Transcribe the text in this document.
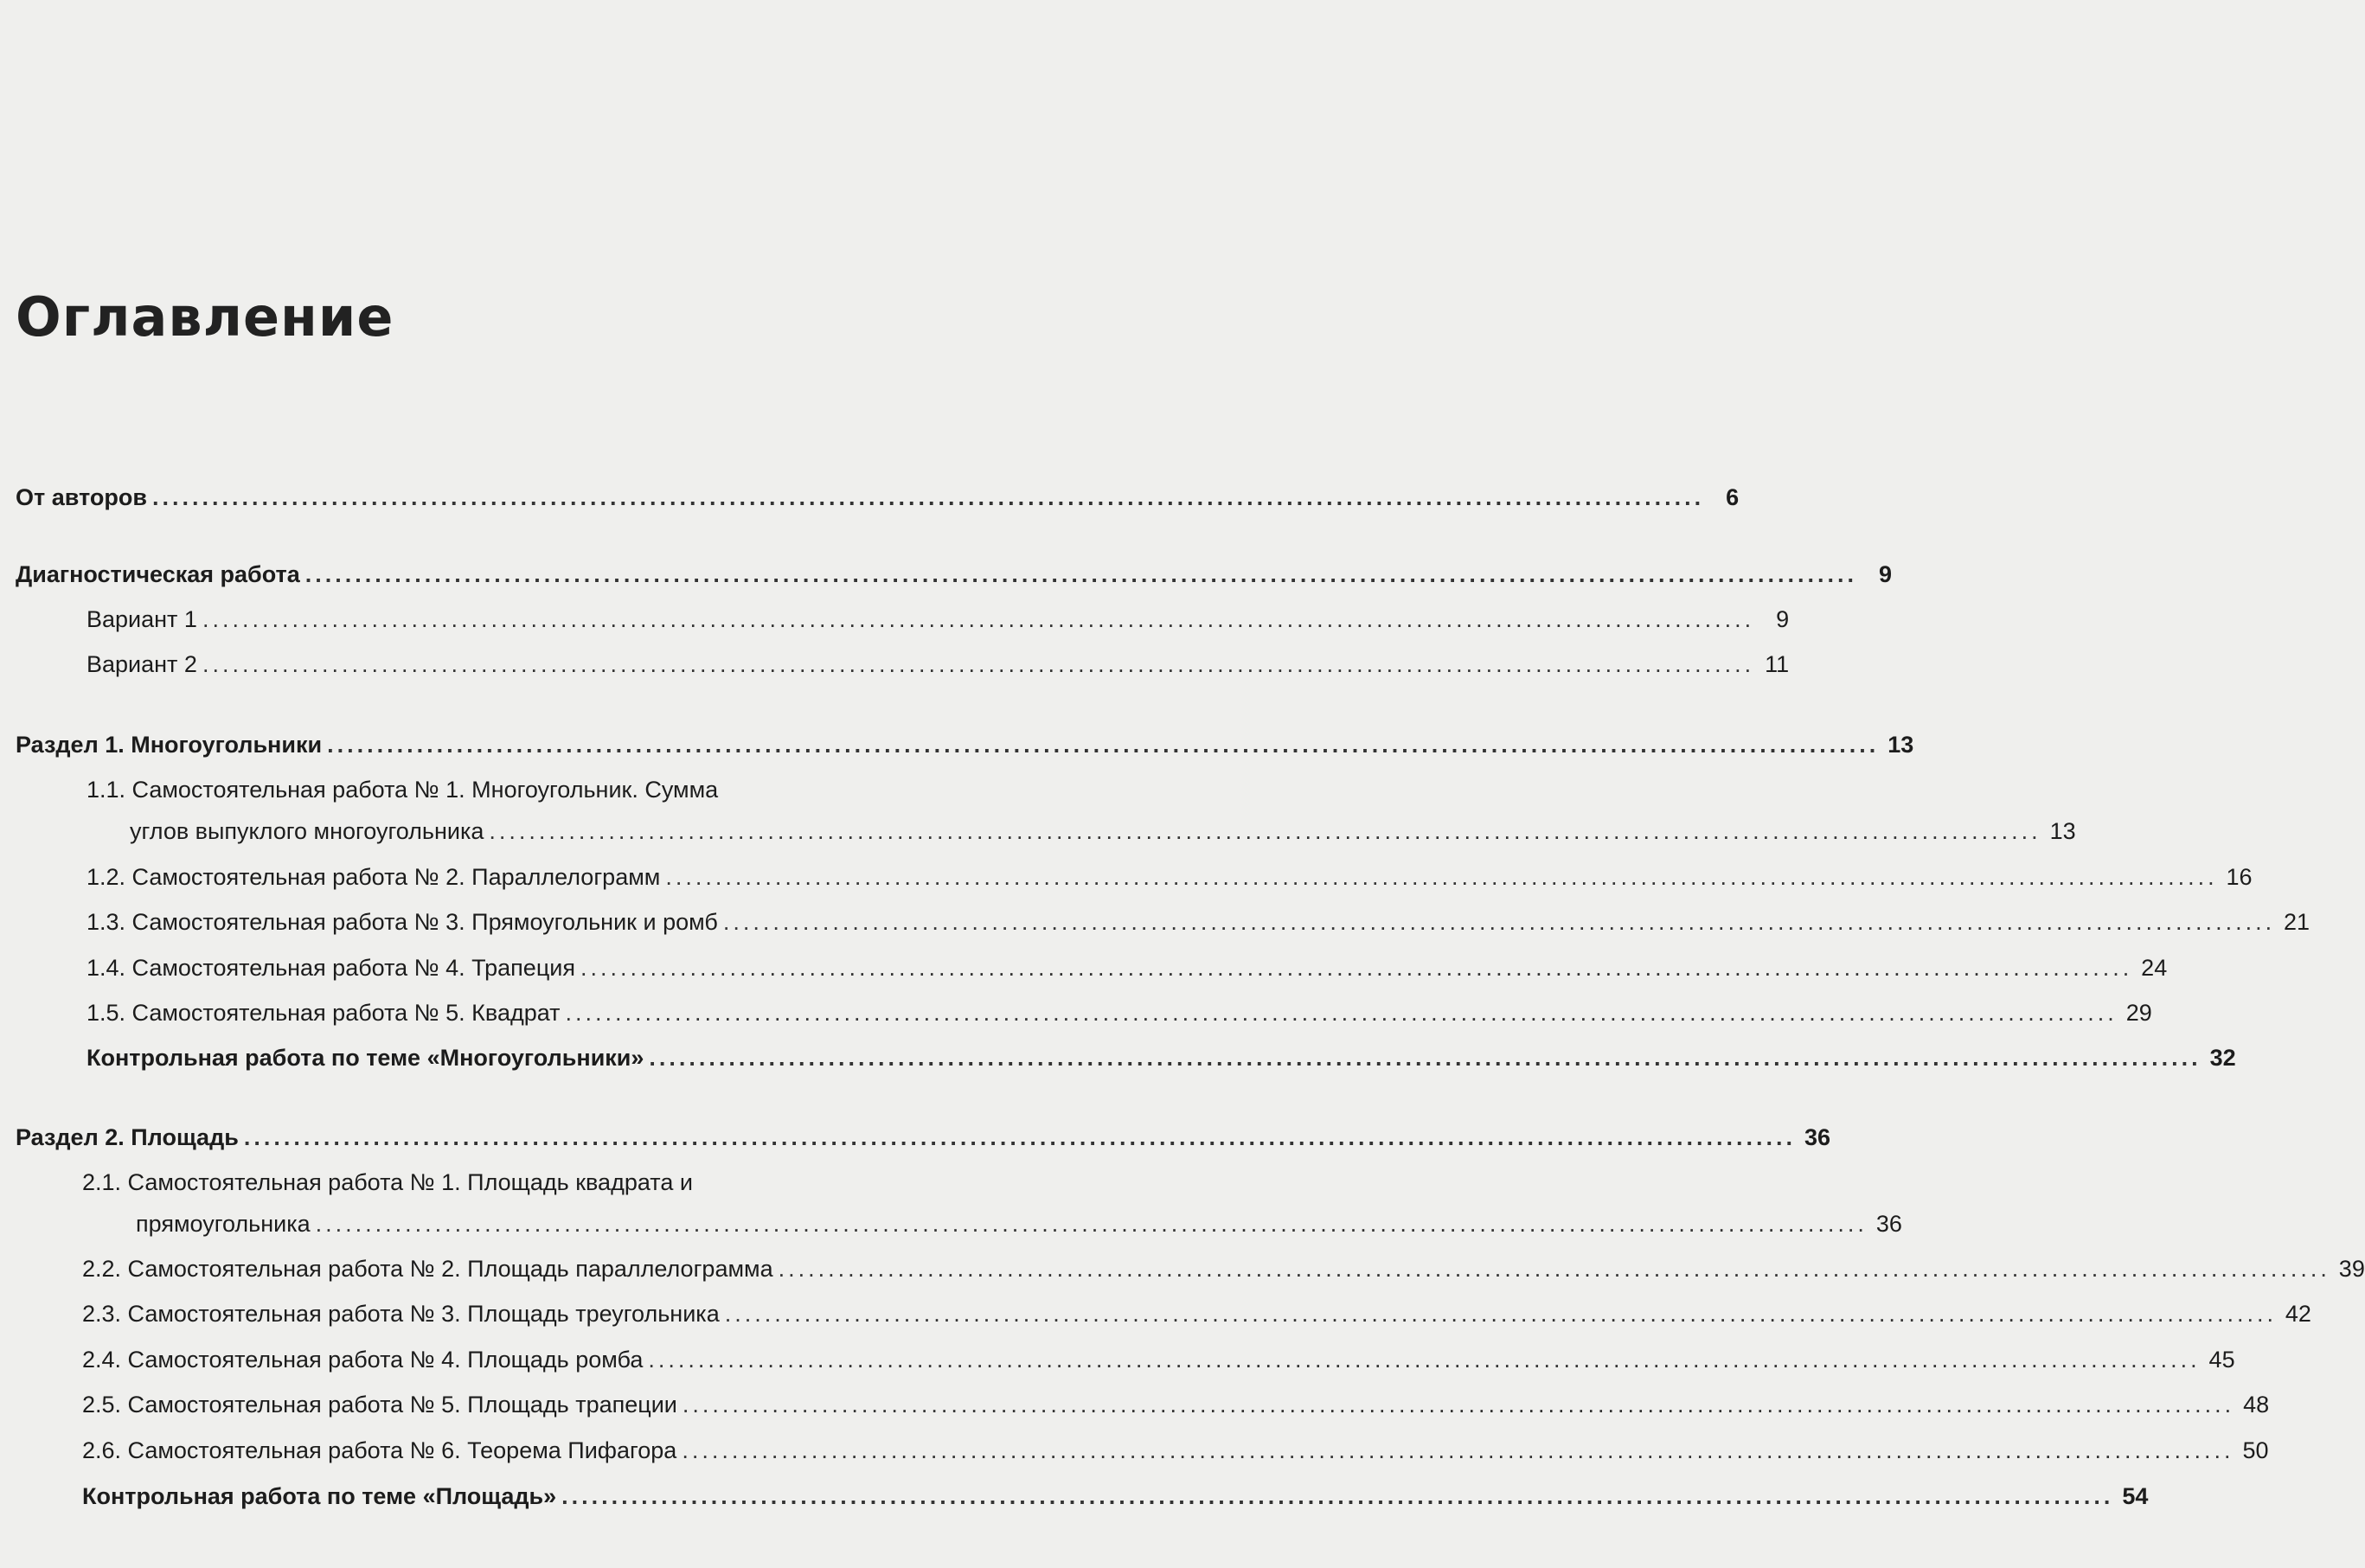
Оглавление
От авторов ............................................................................................................................................................ 6
Диагностическая работа ............................................................................................................................................................ 9
Вариант 1 ............................................................................................................................................................ 9
Вариант 2 ............................................................................................................................................................ 11
Раздел 1. Многоугольники ............................................................................................................................................................ 13
1.1. Самостоятельная работа № 1. Многоугольник. Сумма
углов выпуклого многоугольника ............................................................................................................................................................ 13
1.2. Самостоятельная работа № 2. Параллелограмм ............................................................................................................................................................ 16
1.3. Самостоятельная работа № 3. Прямоугольник и ромб ............................................................................................................................................................ 21
1.4. Самостоятельная работа № 4. Трапеция ............................................................................................................................................................ 24
1.5. Самостоятельная работа № 5. Квадрат ............................................................................................................................................................ 29
Контрольная работа по теме «Многоугольники» ............................................................................................................................................................ 32
Раздел 2. Площадь ............................................................................................................................................................ 36
2.1. Самостоятельная работа № 1. Площадь квадрата и
прямоугольника ............................................................................................................................................................ 36
2.2. Самостоятельная работа № 2. Площадь параллелограмма ............................................................................................................................................................ 39
2.3. Самостоятельная работа № 3. Площадь треугольника ............................................................................................................................................................ 42
2.4. Самостоятельная работа № 4. Площадь ромба ............................................................................................................................................................ 45
2.5. Самостоятельная работа № 5. Площадь трапеции ............................................................................................................................................................ 48
2.6. Самостоятельная работа № 6. Теорема Пифагора ............................................................................................................................................................ 50
Контрольная работа по теме «Площадь» ............................................................................................................................................................ 54
